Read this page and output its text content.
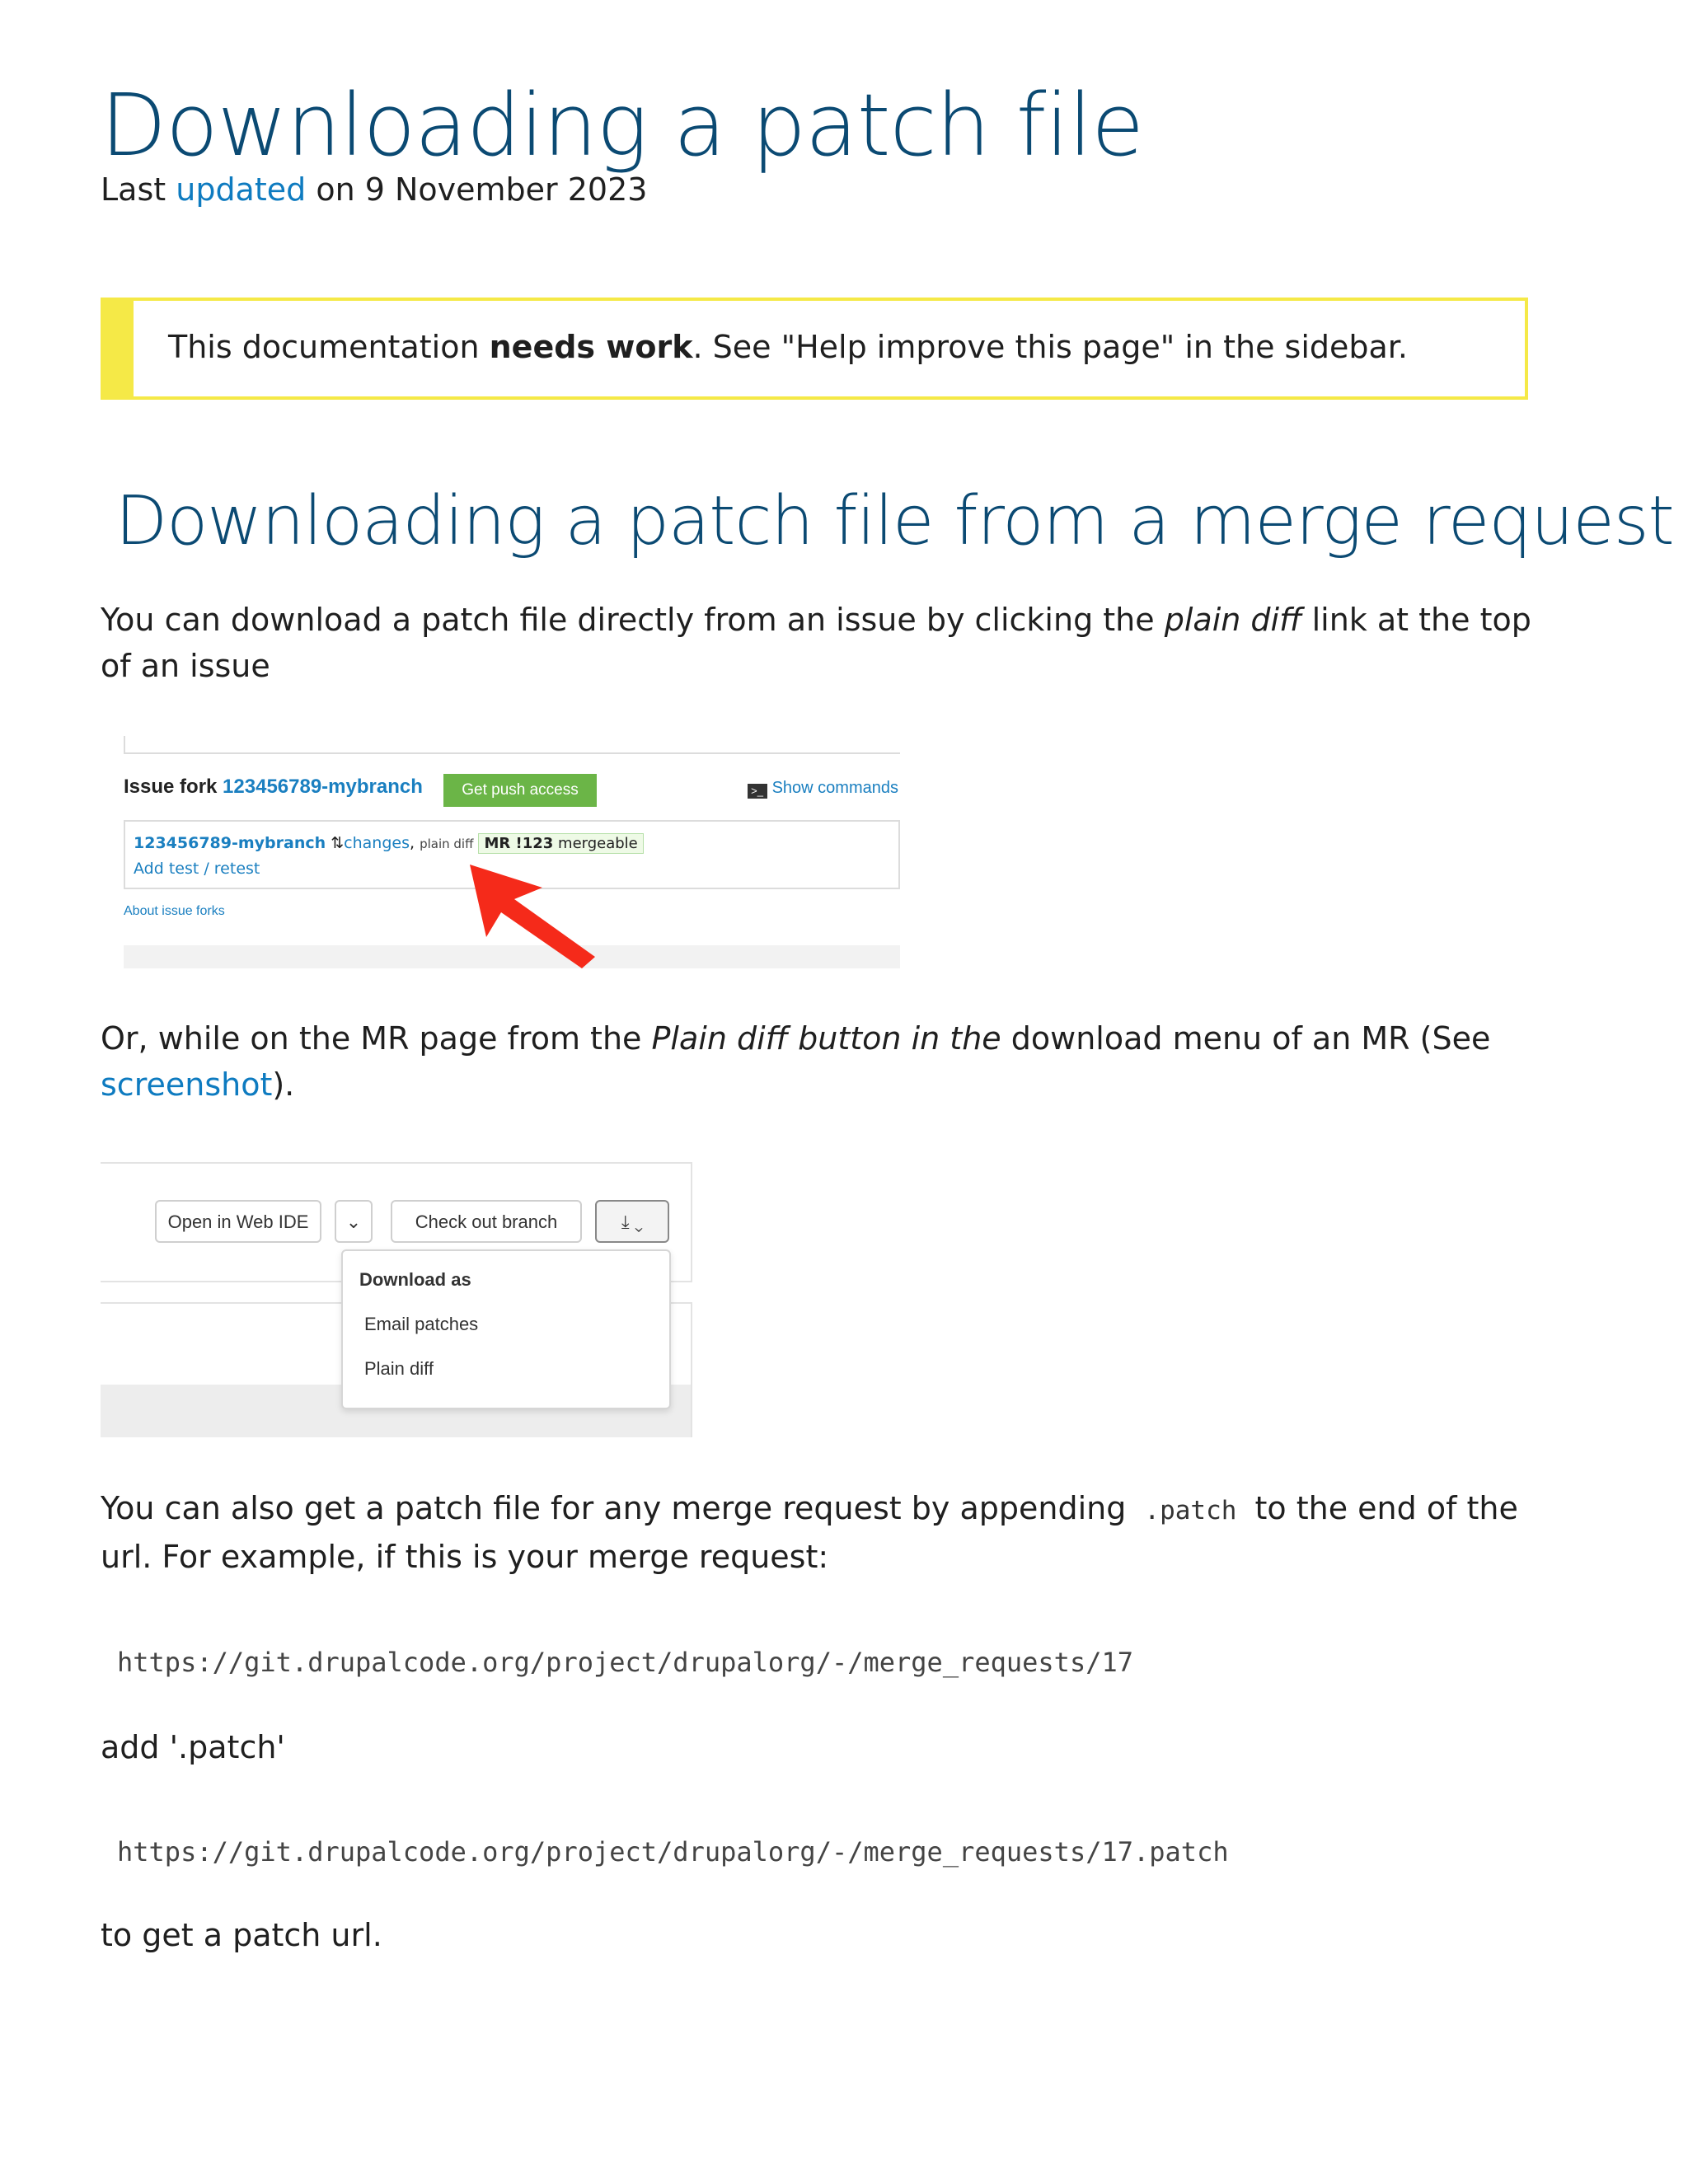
Downloading a patch file
Last updated on 9 November 2023
This documentation needs work. See "Help improve this page" in the sidebar.
Downloading a patch file from a merge request
You can download a patch file directly from an issue by clicking the plain diff link at the top of an issue
Issue fork 123456789-mybranch	Get push access	>_ Show commands
123456789-mybranch ⇅changes, plain diff MR !123 mergeable
Add test / retest
About issue forks
Or, while on the MR page from the Plain diff button in the download menu of an MR (See screenshot).
Open in Web IDE	⌄	Check out branch	⤓ ⌄
Download as
Email patches
Plain diff
You can also get a patch file for any merge request by appending .patch to the end of the url. For example, if this is your merge request:
https://git.drupalcode.org/project/drupalorg/-/merge_requests/17
add '.patch'
https://git.drupalcode.org/project/drupalorg/-/merge_requests/17.patch
to get a patch url.
